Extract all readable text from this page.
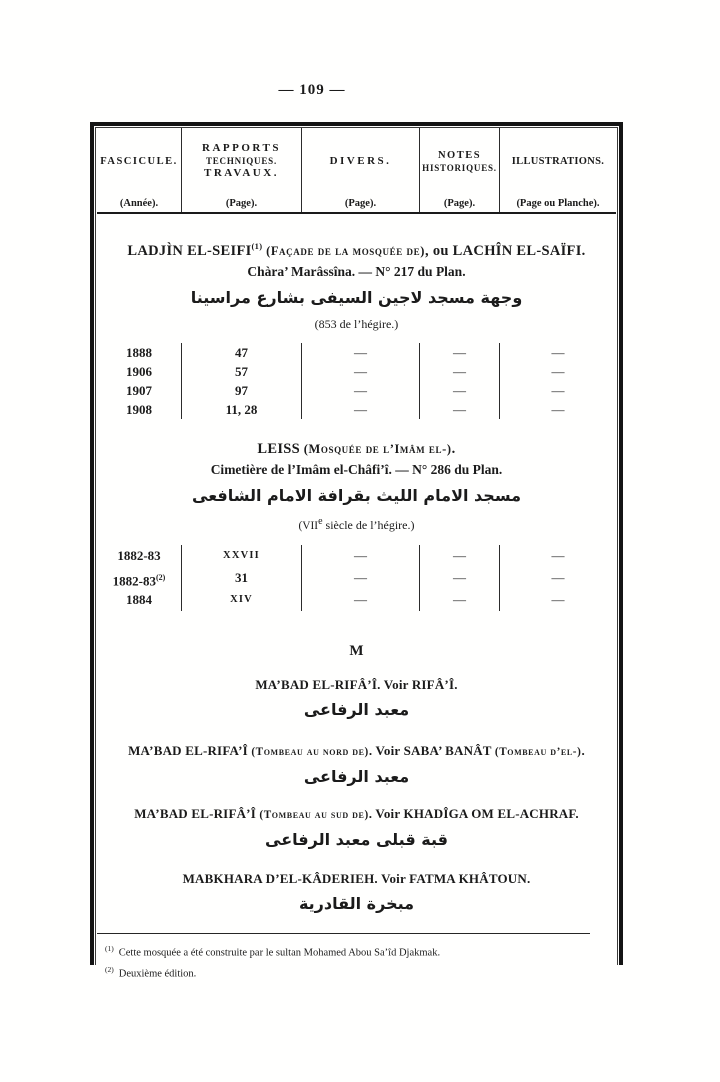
— 109 —
FASCICULE.
(Année).
RAPPORTS
TECHNIQUES.
TRAVAUX.
(Page).
DIVERS.
(Page).
NOTES
HISTORIQUES.
(Page).
ILLUSTRATIONS.
(Page ou Planche).
LADJÌN EL-SEIFI$^{(1)}$ (Façade de la mosquée de), ou LACHÎN EL-SAÏFI.
Chàra’ Marâssîna. — N° 217 du Plan.
وجهة مسجد لاجين السيفى بشارع مراسينا
(853 de l’hégire.)
1888
1906
1907
1908
47
57
97
11, 28
—
—
—
—
—
—
—
—
—
—
—
—
LEISS (Mosquée de l’Imâm el-).
Cimetière de l’Imâm el-Châfi’î. — N° 286 du Plan.
مسجد الامام الليث بقرافة الامام الشافعى
(VIIe siècle de l’hégire.)
1882-83
1882-83$^{(2)}$
1884
XXVII
31
XIV
—
—
—
—
—
—
—
—
—
M
MA’BAD EL-RIFÂ’Î. Voir RIFÂ’Î.
معبد الرفاعى
MA’BAD EL-RIFA’Î (Tombeau au nord de). Voir SABA’ BANÂT (Tombeau d’el-).
معبد الرفاعى
MA’BAD EL-RIFÂ’Î (Tombeau au sud de). Voir KHADÎGA OM EL-ACHRAF.
قبة قبلى معبد الرفاعى
MABKHARA D’EL-KÂDERIEH. Voir FATMA KHÂTOUN.
مبخرة القادرية
$^{(1)}$ Cette mosquée a été construite par le sultan Mohamed Abou Sa’îd Djakmak.
$^{(2)}$ Deuxième édition.
